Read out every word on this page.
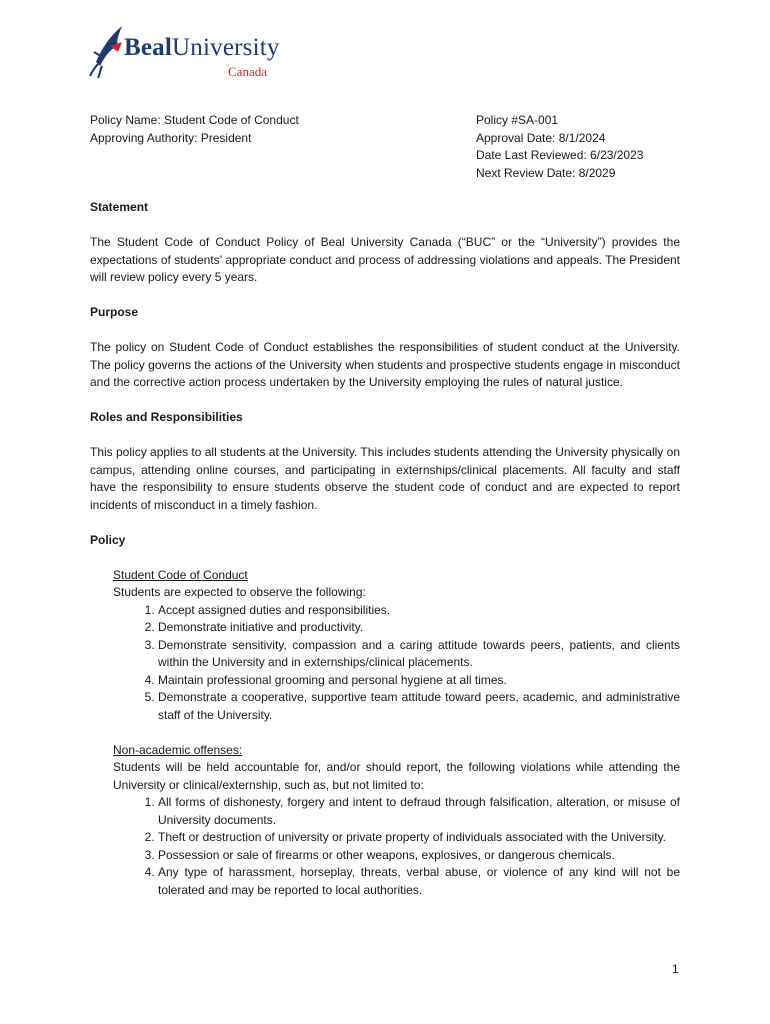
BealUniversity
Canada
Policy Name: Student Code of Conduct
Approving Authority: President
Policy #SA-001
Approval Date: 8/1/2024
Date Last Reviewed: 6/23/2023
Next Review Date: 8/2029
Statement
The Student Code of Conduct Policy of Beal University Canada (“BUC” or the “University”) provides the expectations of students’ appropriate conduct and process of addressing violations and appeals. The President will review policy every 5 years.
Purpose
The policy on Student Code of Conduct establishes the responsibilities of student conduct at the University. The policy governs the actions of the University when students and prospective students engage in misconduct and the corrective action process undertaken by the University employing the rules of natural justice.
Roles and Responsibilities
This policy applies to all students at the University. This includes students attending the University physically on campus, attending online courses, and participating in externships/clinical placements. All faculty and staff have the responsibility to ensure students observe the student code of conduct and are expected to report incidents of misconduct in a timely fashion.
Policy
Student Code of Conduct
Students are expected to observe the following:
1. Accept assigned duties and responsibilities.
2. Demonstrate initiative and productivity.
3. Demonstrate sensitivity, compassion and a caring attitude towards peers, patients, and clients within the University and in externships/clinical placements.
4. Maintain professional grooming and personal hygiene at all times.
5. Demonstrate a cooperative, supportive team attitude toward peers, academic, and administrative staff of the University.
Non-academic offenses:
Students will be held accountable for, and/or should report, the following violations while attending the University or clinical/externship, such as, but not limited to:
1. All forms of dishonesty, forgery and intent to defraud through falsification, alteration, or misuse of University documents.
2. Theft or destruction of university or private property of individuals associated with the University.
3. Possession or sale of firearms or other weapons, explosives, or dangerous chemicals.
4. Any type of harassment, horseplay, threats, verbal abuse, or violence of any kind will not be tolerated and may be reported to local authorities.
1
